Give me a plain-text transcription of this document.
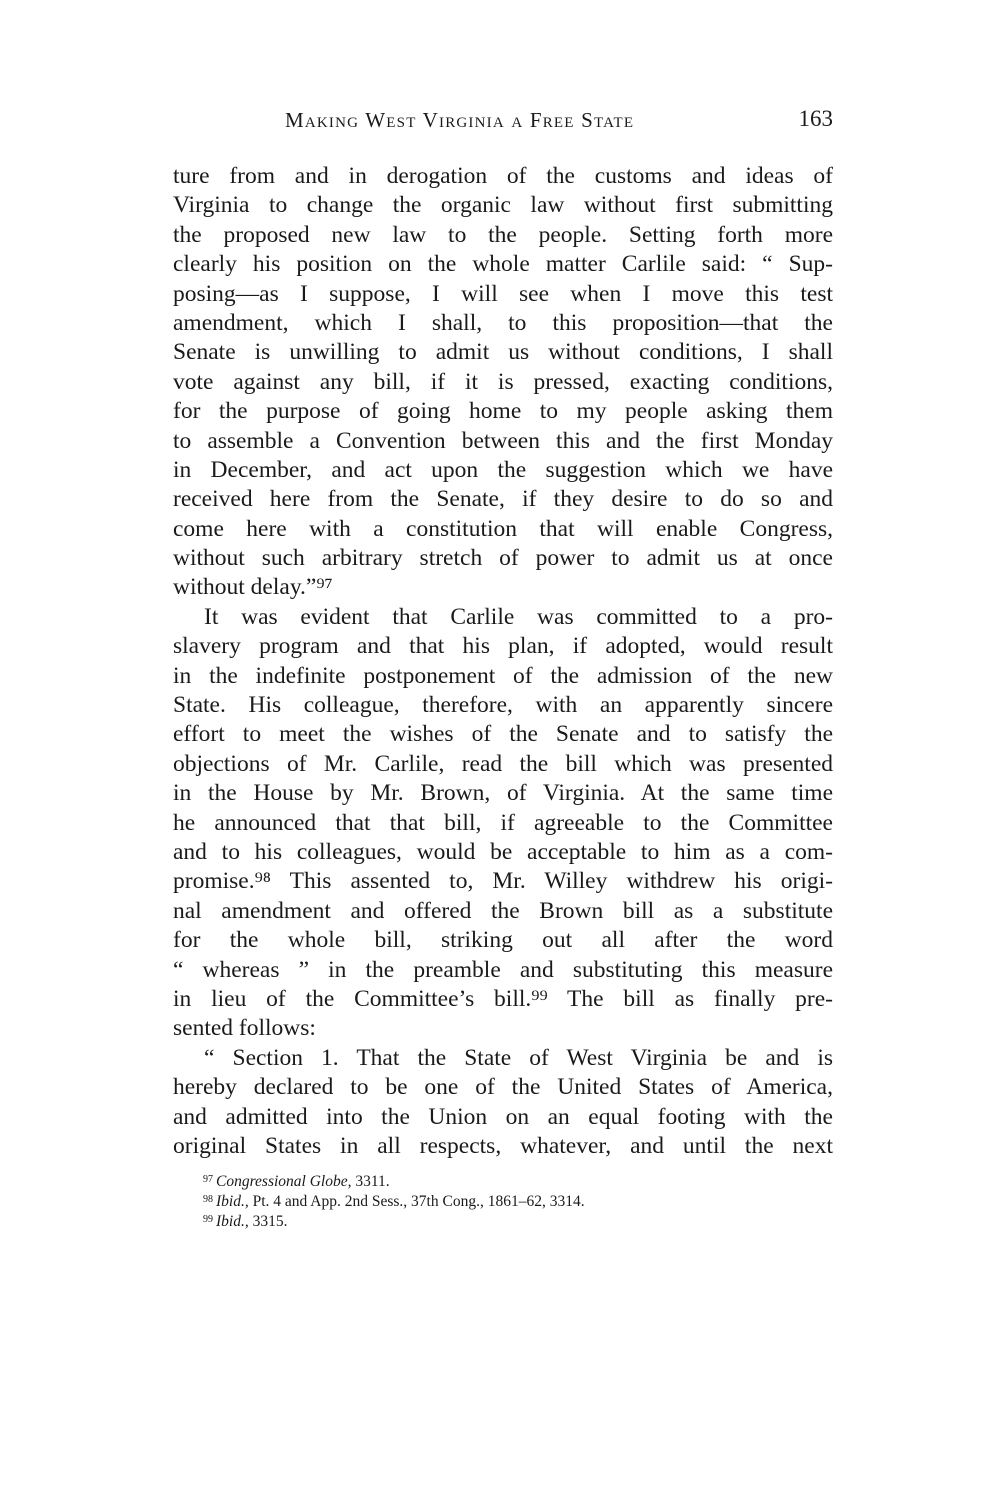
Making West Virginia a Free State	163
ture from and in derogation of the customs and ideas of
Virginia to change the organic law without first submitting
the proposed new law to the people. Setting forth more
clearly his position on the whole matter Carlile said: “ Sup-
posing—as I suppose, I will see when I move this test
amendment, which I shall, to this proposition—that the
Senate is unwilling to admit us without conditions, I shall
vote against any bill, if it is pressed, exacting conditions,
for the purpose of going home to my people asking them
to assemble a Convention between this and the first Monday
in December, and act upon the suggestion which we have
received here from the Senate, if they desire to do so and
come here with a constitution that will enable Congress,
without such arbitrary stretch of power to admit us at once
without delay.”⁹⁷
It was evident that Carlile was committed to a pro-
slavery program and that his plan, if adopted, would result
in the indefinite postponement of the admission of the new
State. His colleague, therefore, with an apparently sincere
effort to meet the wishes of the Senate and to satisfy the
objections of Mr. Carlile, read the bill which was presented
in the House by Mr. Brown, of Virginia. At the same time
he announced that that bill, if agreeable to the Committee
and to his colleagues, would be acceptable to him as a com-
promise.⁹⁸ This assented to, Mr. Willey withdrew his origi-
nal amendment and offered the Brown bill as a substitute
for the whole bill, striking out all after the word
“ whereas ” in the preamble and substituting this measure
in lieu of the Committee’s bill.⁹⁹ The bill as finally pre-
sented follows:
“ Section 1. That the State of West Virginia be and is
hereby declared to be one of the United States of America,
and admitted into the Union on an equal footing with the
original States in all respects, whatever, and until the next
$^{97}$ Congressional Globe, 3311.
$^{98}$ Ibid., Pt. 4 and App. 2nd Sess., 37th Cong., 1861–62, 3314.
$^{99}$ Ibid., 3315.
